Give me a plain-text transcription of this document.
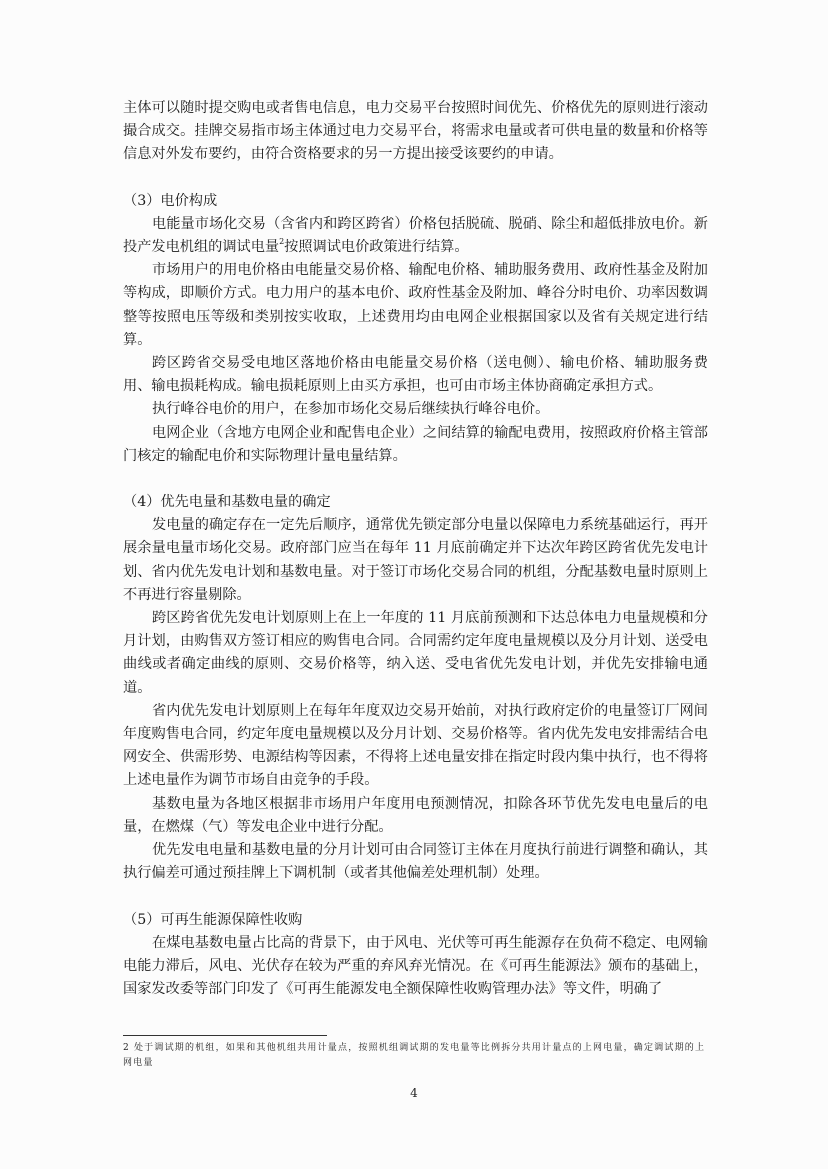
主体可以随时提交购电或者售电信息，电力交易平台按照时间优先、价格优先的原则进行滚动撮合成交。挂牌交易指市场主体通过电力交易平台，将需求电量或者可供电量的数量和价格等信息对外发布要约，由符合资格要求的另一方提出接受该要约的申请。

（3）电价构成

电能量市场化交易（含省内和跨区跨省）价格包括脱硫、脱硝、除尘和超低排放电价。新投产发电机组的调试电量$^2$按照调试电价政策进行结算。

市场用户的用电价格由电能量交易价格、输配电价格、辅助服务费用、政府性基金及附加等构成，即顺价方式。电力用户的基本电价、政府性基金及附加、峰谷分时电价、功率因数调整等按照电压等级和类别按实收取，上述费用均由电网企业根据国家以及省有关规定进行结算。

跨区跨省交易受电地区落地价格由电能量交易价格（送电侧）、输电价格、辅助服务费用、输电损耗构成。输电损耗原则上由买方承担，也可由市场主体协商确定承担方式。

执行峰谷电价的用户，在参加市场化交易后继续执行峰谷电价。

电网企业（含地方电网企业和配售电企业）之间结算的输配电费用，按照政府价格主管部门核定的输配电价和实际物理计量电量结算。

（4）优先电量和基数电量的确定

发电量的确定存在一定先后顺序，通常优先锁定部分电量以保障电力系统基础运行，再开展余量电量市场化交易。政府部门应当在每年 11 月底前确定并下达次年跨区跨省优先发电计划、省内优先发电计划和基数电量。对于签订市场化交易合同的机组，分配基数电量时原则上不再进行容量剔除。

跨区跨省优先发电计划原则上在上一年度的 11 月底前预测和下达总体电力电量规模和分月计划，由购售双方签订相应的购售电合同。合同需约定年度电量规模以及分月计划、送受电曲线或者确定曲线的原则、交易价格等，纳入送、受电省优先发电计划，并优先安排输电通道。

省内优先发电计划原则上在每年年度双边交易开始前，对执行政府定价的电量签订厂网间年度购售电合同，约定年度电量规模以及分月计划、交易价格等。省内优先发电安排需结合电网安全、供需形势、电源结构等因素，不得将上述电量安排在指定时段内集中执行，也不得将上述电量作为调节市场自由竞争的手段。

基数电量为各地区根据非市场用户年度用电预测情况，扣除各环节优先发电电量后的电量，在燃煤（气）等发电企业中进行分配。

优先发电电量和基数电量的分月计划可由合同签订主体在月度执行前进行调整和确认，其执行偏差可通过预挂牌上下调机制（或者其他偏差处理机制）处理。

（5）可再生能源保障性收购

在煤电基数电量占比高的背景下，由于风电、光伏等可再生能源存在负荷不稳定、电网输电能力滞后，风电、光伏存在较为严重的弃风弃光情况。在《可再生能源法》颁布的基础上，国家发改委等部门印发了《可再生能源发电全额保障性收购管理办法》等文件，明确了

2 处于调试期的机组，如果和其他机组共用计量点，按照机组调试期的发电量等比例拆分共用计量点的上网电量，确定调试期的上网电量
4
